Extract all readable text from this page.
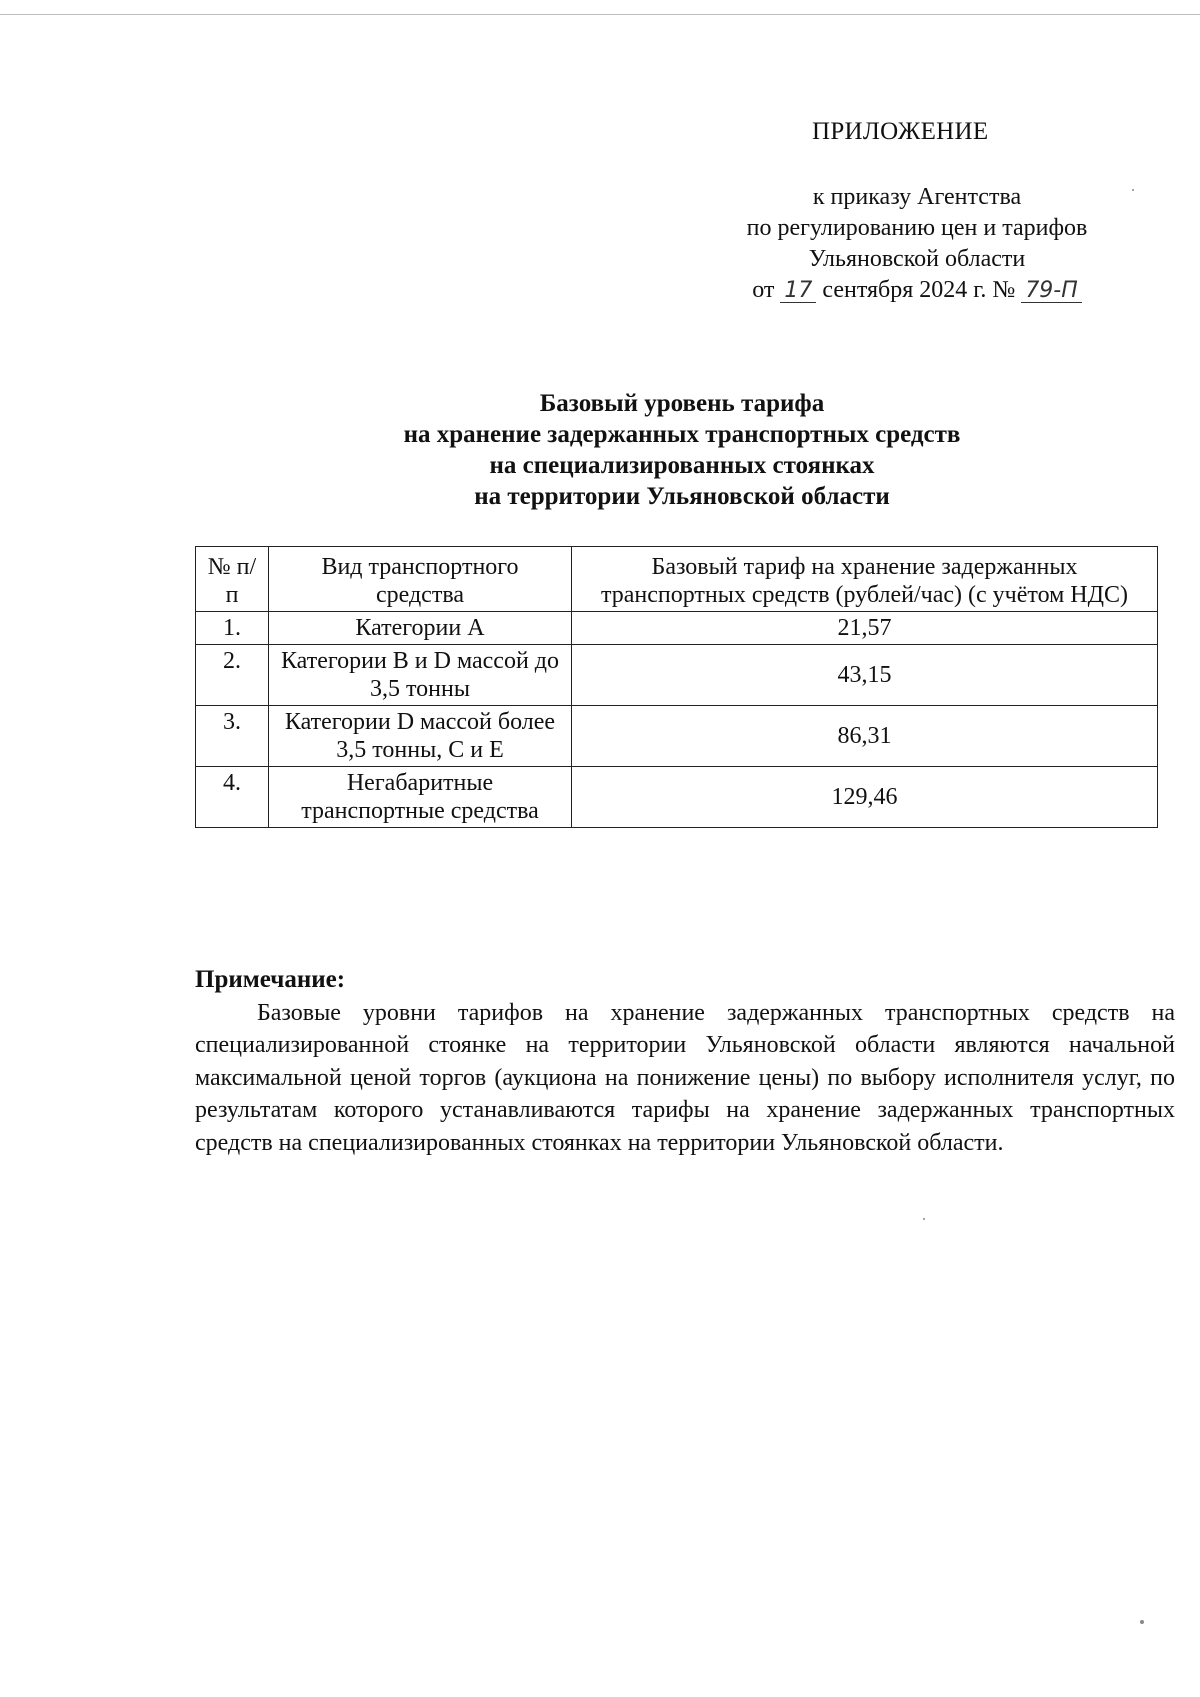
ПРИЛОЖЕНИЕ
к приказу Агентства
по регулированию цен и тарифов
Ульяновской области
от 17 сентября 2024 г. № 79-П
Базовый уровень тарифа
на хранение задержанных транспортных средств
на специализированных стоянках
на территории Ульяновской области
№ п/п	Вид транспортного средства	Базовый тариф на хранение задержанных транспортных средств (рублей/час) (с учётом НДС)
1.	Категории А	21,57
2.	Категории В и D массой до 3,5 тонны	43,15
3.	Категории D массой более 3,5 тонны, С и Е	86,31
4.	Негабаритные транспортные средства	129,46
Примечание:
Базовые уровни тарифов на хранение задержанных транспортных средств на специализированной стоянке на территории Ульяновской области являются начальной максимальной ценой торгов (аукциона на понижение цены) по выбору исполнителя услуг, по результатам которого устанавливаются тарифы на хранение задержанных транспортных средств на специализированных стоянках на территории Ульяновской области.
